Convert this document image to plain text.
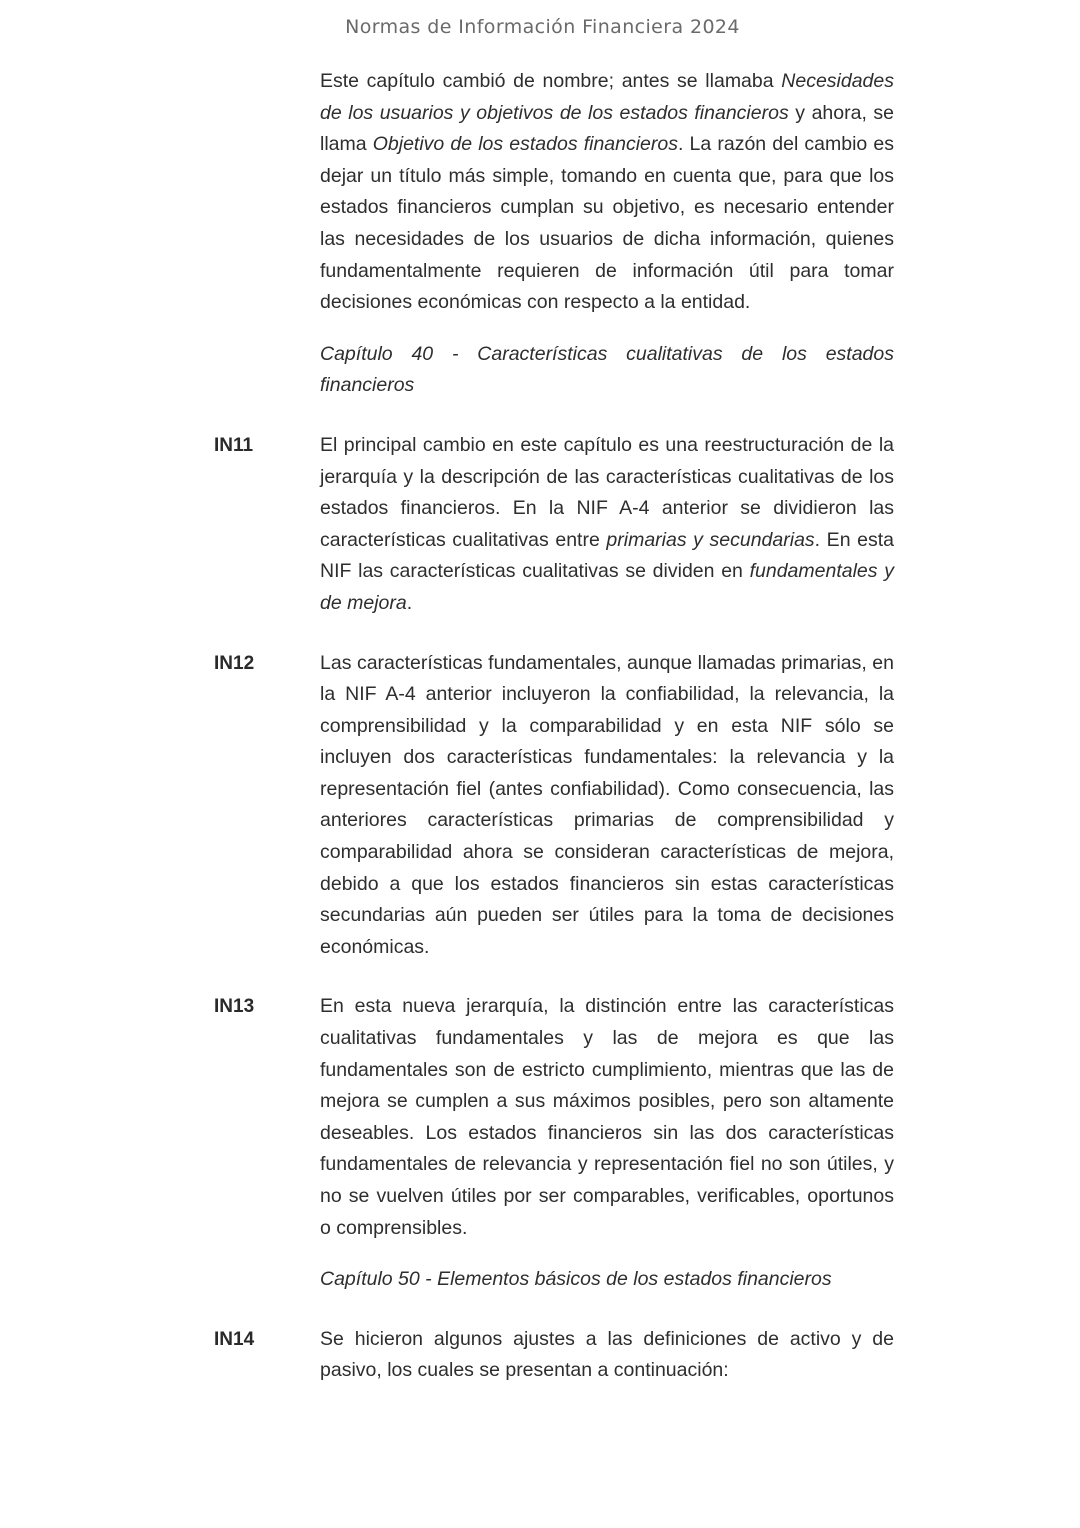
Normas de Información Financiera 2024

Este capítulo cambió de nombre; antes se llamaba Necesidades de los usuarios y objetivos de los estados financieros y ahora, se llama Objetivo de los estados financieros. La razón del cambio es dejar un título más simple, tomando en cuenta que, para que los estados financieros cumplan su objetivo, es necesario entender las necesidades de los usuarios de dicha información, quienes fundamentalmente requieren de información útil para tomar decisiones económicas con respecto a la entidad.

Capítulo 40 - Características cualitativas de los estados financieros
IN11	El principal cambio en este capítulo es una reestructuración de la jerarquía y la descripción de las características cualitativas de los estados financieros. En la NIF A-4 anterior se dividieron las características cualitativas entre primarias y secundarias. En esta NIF las características cualitativas se dividen en fundamentales y de mejora.

IN12	Las características fundamentales, aunque llamadas primarias, en la NIF A-4 anterior incluyeron la confiabilidad, la relevancia, la comprensibilidad y la comparabilidad y en esta NIF sólo se incluyen dos características fundamentales: la relevancia y la representación fiel (antes confiabilidad). Como consecuencia, las anteriores características primarias de comprensibilidad y comparabilidad ahora se consideran características de mejora, debido a que los estados financieros sin estas características secundarias aún pueden ser útiles para la toma de decisiones económicas.

IN13	En esta nueva jerarquía, la distinción entre las características cualitativas fundamentales y las de mejora es que las fundamentales son de estricto cumplimiento, mientras que las de mejora se cumplen a sus máximos posibles, pero son altamente deseables. Los estados financieros sin las dos características fundamentales de relevancia y representación fiel no son útiles, y no se vuelven útiles por ser comparables, verificables, oportunos o comprensibles.

Capítulo 50 - Elementos básicos de los estados financieros
IN14	Se hicieron algunos ajustes a las definiciones de activo y de pasivo, los cuales se presentan a continuación:
